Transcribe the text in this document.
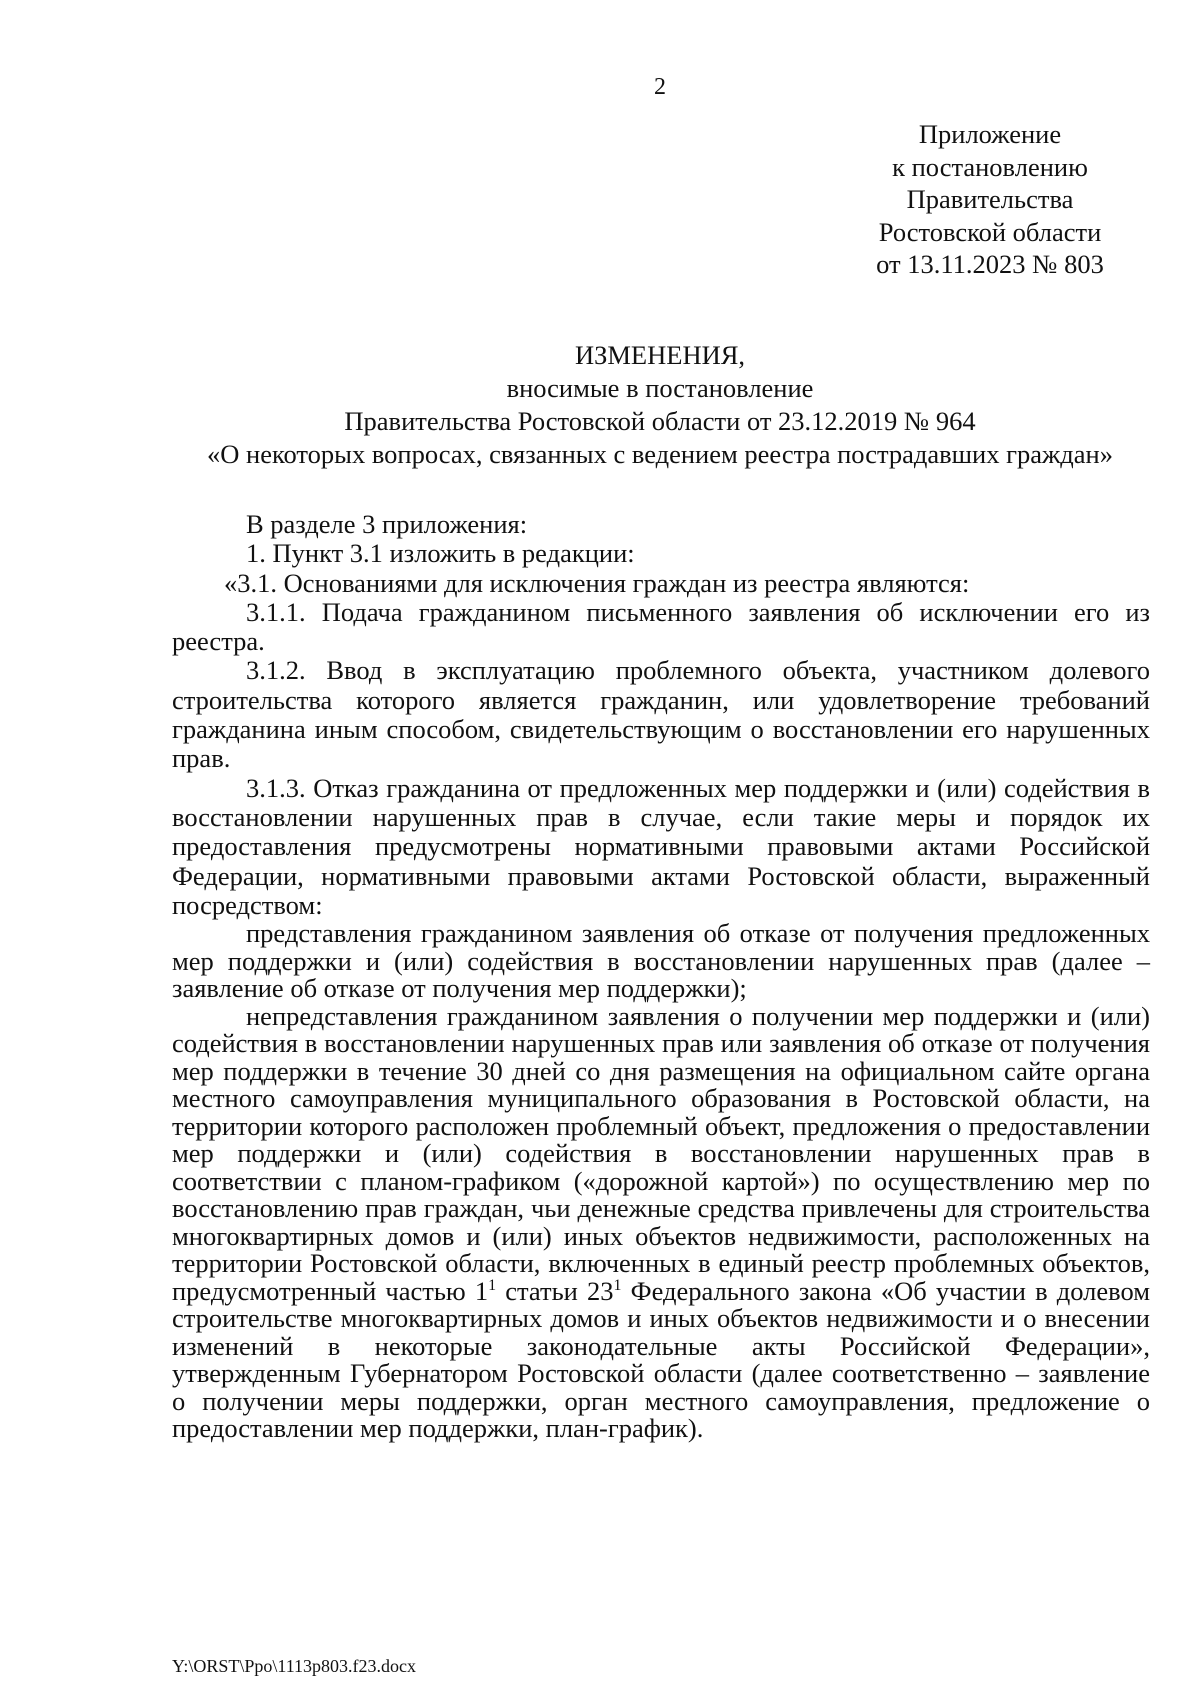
2
Приложение
к постановлению
Правительства
Ростовской области
от 13.11.2023 № 803
ИЗМЕНЕНИЯ,
вносимые в постановление
Правительства Ростовской области от 23.12.2019 № 964
«О некоторых вопросах, связанных с ведением реестра пострадавших граждан»

В разделе 3 приложения:

1. Пункт 3.1 изложить в редакции:

«3.1. Основаниями для исключения граждан из реестра являются:

3.1.1. Подача гражданином письменного заявления об исключении его из реестра.

3.1.2. Ввод в эксплуатацию проблемного объекта, участником долевого строительства которого является гражданин, или удовлетворение требований гражданина иным способом, свидетельствующим о восстановлении его нарушенных прав.

3.1.3. Отказ гражданина от предложенных мер поддержки и (или) содействия в восстановлении нарушенных прав в случае, если такие меры и порядок их предоставления предусмотрены нормативными правовыми актами Российской Федерации, нормативными правовыми актами Ростовской области, выраженный посредством:

представления гражданином заявления об отказе от получения предложенных мер поддержки и (или) содействия в восстановлении нарушенных прав (далее – заявление об отказе от получения мер поддержки);

непредставления гражданином заявления о получении мер поддержки и (или) содействия в восстановлении нарушенных прав или заявления об отказе от получения мер поддержки в течение 30 дней со дня размещения на официальном сайте органа местного самоуправления муниципального образования в Ростовской области, на территории которого расположен проблемный объект, предложения о предоставлении мер поддержки и (или) содействия в восстановлении нарушенных прав в соответствии с планом-графиком («дорожной картой») по осуществлению мер по восстановлению прав граждан, чьи денежные средства привлечены для строительства многоквартирных домов и (или) иных объектов недвижимости, расположенных на территории Ростовской области, включенных в единый реестр проблемных объектов, предусмотренный частью $1^1$ статьи $23^1$ Федерального закона «Об участии в долевом строительстве многоквартирных домов и иных объектов недвижимости и о внесении изменений в некоторые законодательные акты Российской Федерации», утвержденным Губернатором Ростовской области (далее соответственно – заявление о получении меры поддержки, орган местного самоуправления, предложение о предоставлении мер поддержки, план-график).

Y:\ORST\Ppo\1113p803.f23.docx
